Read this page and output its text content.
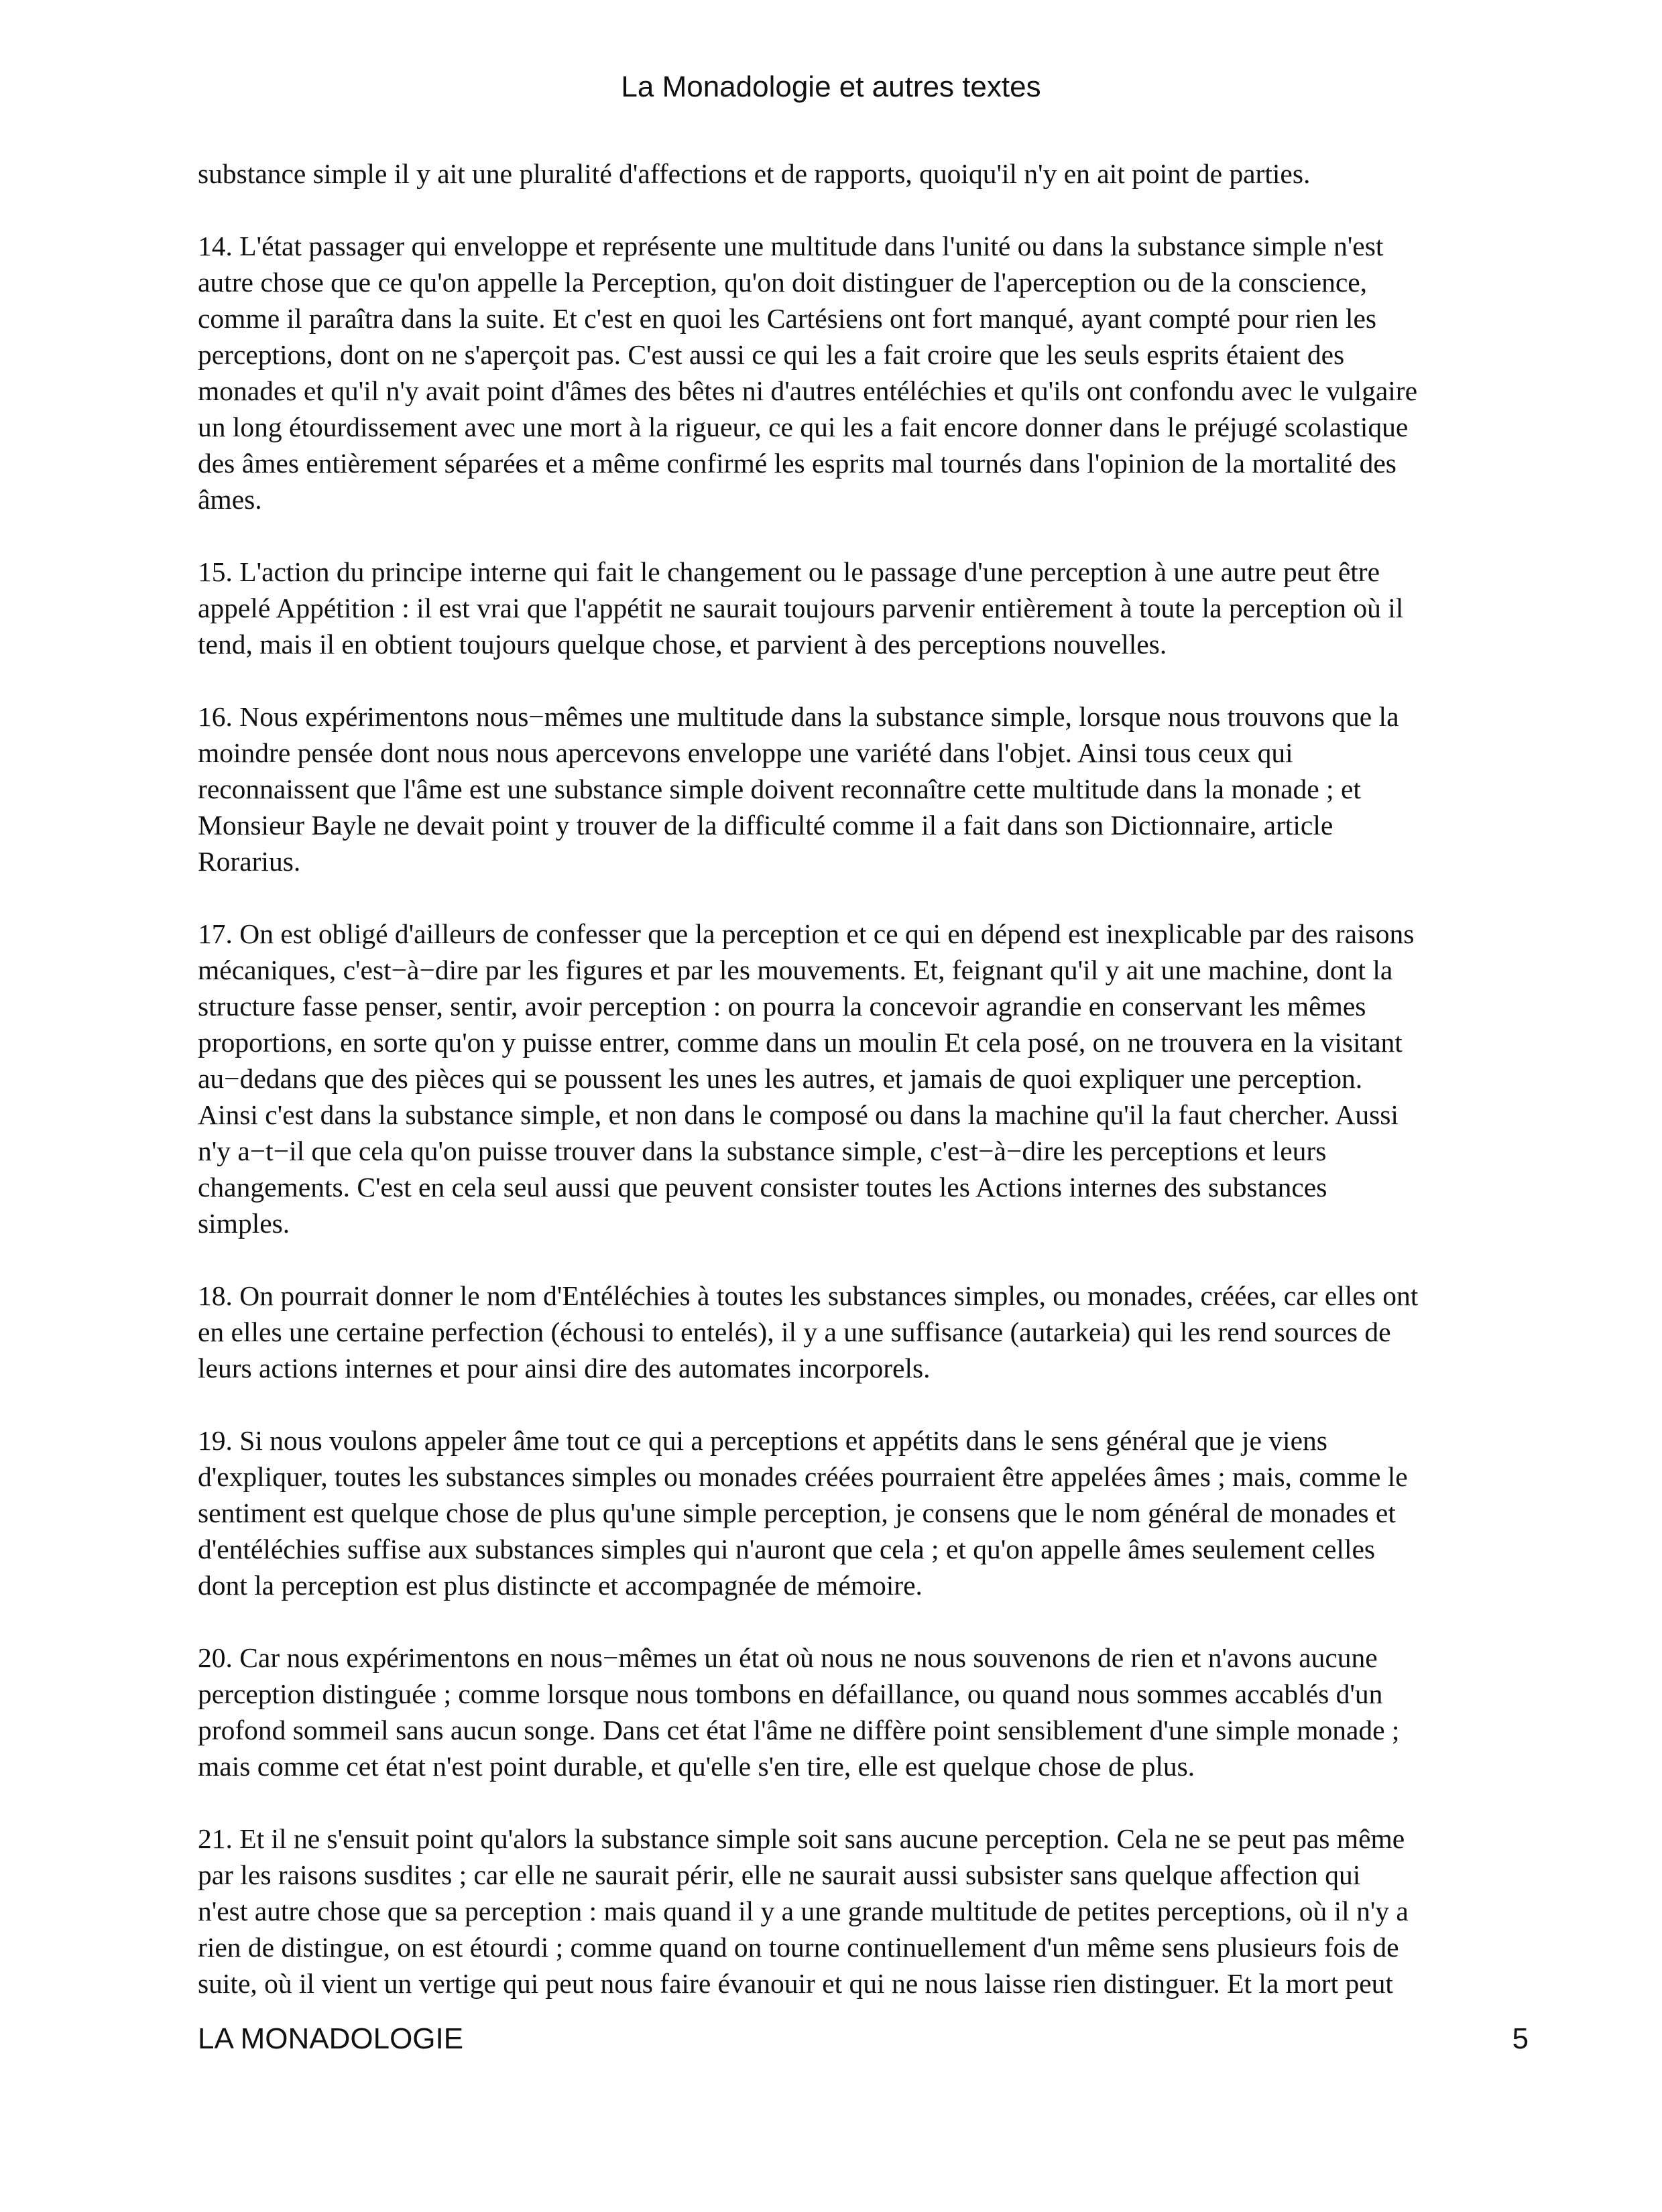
La Monadologie et autres textes

substance simple il y ait une pluralité d'affections et de rapports, quoiqu'il n'y en ait point de parties.

14. L'état passager qui enveloppe et représente une multitude dans l'unité ou dans la substance simple n'est
autre chose que ce qu'on appelle la Perception, qu'on doit distinguer de l'aperception ou de la conscience,
comme il paraîtra dans la suite. Et c'est en quoi les Cartésiens ont fort manqué, ayant compté pour rien les
perceptions, dont on ne s'aperçoit pas. C'est aussi ce qui les a fait croire que les seuls esprits étaient des
monades et qu'il n'y avait point d'âmes des bêtes ni d'autres entéléchies et qu'ils ont confondu avec le vulgaire
un long étourdissement avec une mort à la rigueur, ce qui les a fait encore donner dans le préjugé scolastique
des âmes entièrement séparées et a même confirmé les esprits mal tournés dans l'opinion de la mortalité des
âmes.

15. L'action du principe interne qui fait le changement ou le passage d'une perception à une autre peut être
appelé Appétition : il est vrai que l'appétit ne saurait toujours parvenir entièrement à toute la perception où il
tend, mais il en obtient toujours quelque chose, et parvient à des perceptions nouvelles.

16. Nous expérimentons nous−mêmes une multitude dans la substance simple, lorsque nous trouvons que la
moindre pensée dont nous nous apercevons enveloppe une variété dans l'objet. Ainsi tous ceux qui
reconnaissent que l'âme est une substance simple doivent reconnaître cette multitude dans la monade ; et
Monsieur Bayle ne devait point y trouver de la difficulté comme il a fait dans son Dictionnaire, article
Rorarius.

17. On est obligé d'ailleurs de confesser que la perception et ce qui en dépend est inexplicable par des raisons
mécaniques, c'est−à−dire par les figures et par les mouvements. Et, feignant qu'il y ait une machine, dont la
structure fasse penser, sentir, avoir perception : on pourra la concevoir agrandie en conservant les mêmes
proportions, en sorte qu'on y puisse entrer, comme dans un moulin Et cela posé, on ne trouvera en la visitant
au−dedans que des pièces qui se poussent les unes les autres, et jamais de quoi expliquer une perception.
Ainsi c'est dans la substance simple, et non dans le composé ou dans la machine qu'il la faut chercher. Aussi
n'y a−t−il que cela qu'on puisse trouver dans la substance simple, c'est−à−dire les perceptions et leurs
changements. C'est en cela seul aussi que peuvent consister toutes les Actions internes des substances
simples.

18. On pourrait donner le nom d'Entéléchies à toutes les substances simples, ou monades, créées, car elles ont
en elles une certaine perfection (échousi to entelés), il y a une suffisance (autarkeia) qui les rend sources de
leurs actions internes et pour ainsi dire des automates incorporels.

19. Si nous voulons appeler âme tout ce qui a perceptions et appétits dans le sens général que je viens
d'expliquer, toutes les substances simples ou monades créées pourraient être appelées âmes ; mais, comme le
sentiment est quelque chose de plus qu'une simple perception, je consens que le nom général de monades et
d'entéléchies suffise aux substances simples qui n'auront que cela ; et qu'on appelle âmes seulement celles
dont la perception est plus distincte et accompagnée de mémoire.

20. Car nous expérimentons en nous−mêmes un état où nous ne nous souvenons de rien et n'avons aucune
perception distinguée ; comme lorsque nous tombons en défaillance, ou quand nous sommes accablés d'un
profond sommeil sans aucun songe. Dans cet état l'âme ne diffère point sensiblement d'une simple monade ;
mais comme cet état n'est point durable, et qu'elle s'en tire, elle est quelque chose de plus.

21. Et il ne s'ensuit point qu'alors la substance simple soit sans aucune perception. Cela ne se peut pas même
par les raisons susdites ; car elle ne saurait périr, elle ne saurait aussi subsister sans quelque affection qui
n'est autre chose que sa perception : mais quand il y a une grande multitude de petites perceptions, où il n'y a
rien de distingue, on est étourdi ; comme quand on tourne continuellement d'un même sens plusieurs fois de
suite, où il vient un vertige qui peut nous faire évanouir et qui ne nous laisse rien distinguer. Et la mort peut

LA MONADOLOGIE	5
